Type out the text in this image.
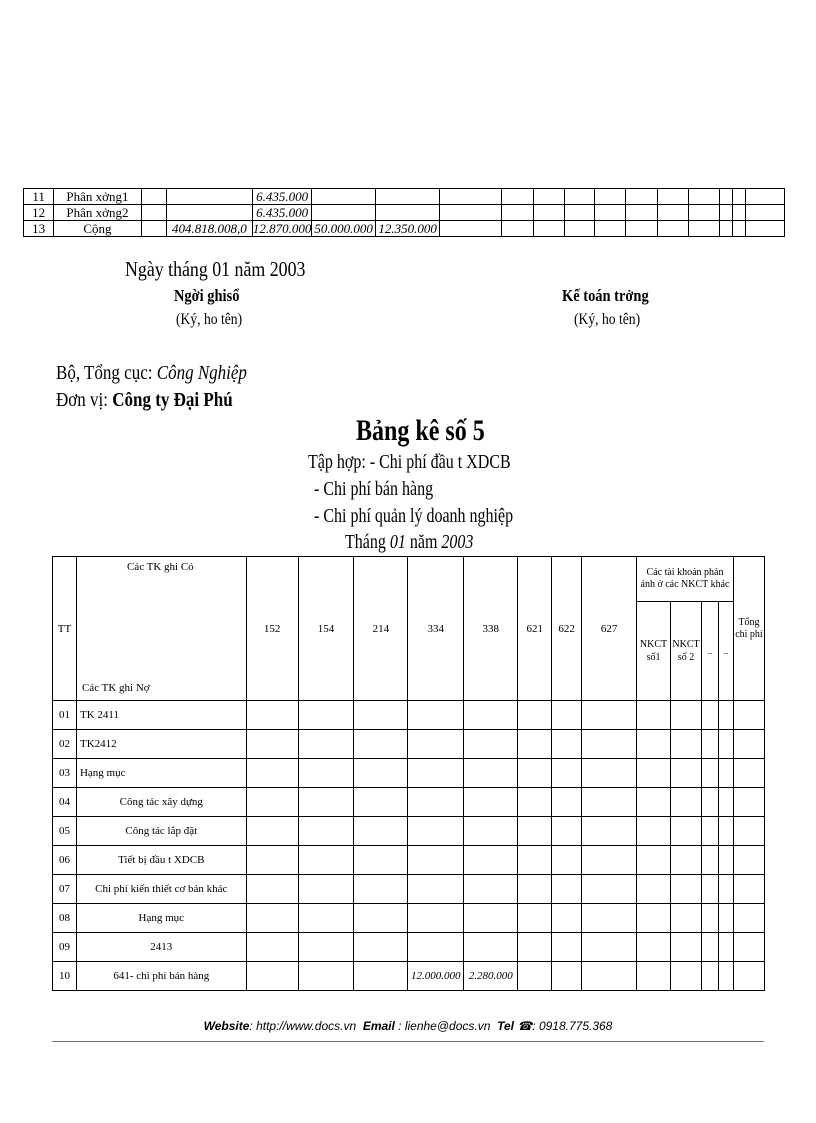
11	Phân xởng1			6.435.000													
12	Phân xởng2			6.435.000													
13	Cộng		404.818.008,0	12.870.000	50.000.000	12.350.000											
Ngày tháng 01 năm 2003
Ngời ghisổ
(Ký, ho tên)
Kế toán trởng
(Ký, ho tên)
Bộ, Tổng cục: Công Nghiệp
Đơn vị: Công ty Đại Phú
Bảng kê số 5
Tập hợp: - Chi phí đầu t XDCB
- Chi phí bán hàng
- Chi phí quản lý doanh nghiệp
Tháng 01 năm 2003
TT	Các TK ghi Có
Các TK ghi Nợ	152	154	214	334	338	621	622	627	Các tài khoản phản ánh ở các NKCT khác				Tổng chi phí
										NKCT số1	NKCT số 2	..	..	
01	TK 2411													
02	TK2412													
03	Hạng mục													
04	Công tác xây dựng													
05	Công tác lắp đặt													
06	Tiết bị đầu t XDCB													
07	Chi phí kiến thiết cơ bản khác													
08	Hạng mục													
09	2413													
10	641- chi phí bán hàng				12.000.000	2.280.000								
Website: http://www.docs.vn Email : lienhe@docs.vn Tel ☎: 0918.775.368
